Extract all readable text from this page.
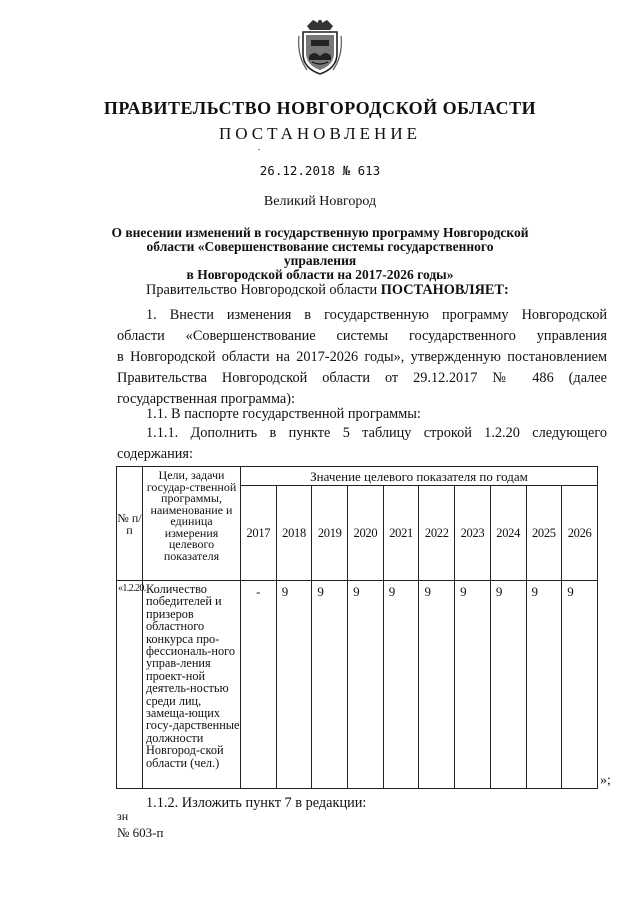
ПРАВИТЕЛЬСТВО НОВГОРОДСКОЙ ОБЛАСТИ
ПОСТАНОВЛЕНИЕ
26.12.2018 № 613
Великий Новгород
О внесении изменений в государственную программу Новгородской
области «Совершенствование системы государственного управления
в Новгородской области на 2017-2026 годы»

Правительство Новгородской области ПОСТАНОВЛЯЕТ:

1. Внести изменения в государственную программу Новгородской
области «Совершенствование системы государственного управления
в Новгородской области на 2017-2026 годы», утвержденную постановлением
Правительства Новгородской области от 29.12.2017 № 486 (далее
государственная программа):
1.1. В паспорте государственной программы:
1.1.1. Дополнить в пункте 5 таблицу строкой 1.2.20 следующего
содержания:
№ п/п	Цели, задачи государ-ственной программы, наименование и единица измерения целевого показателя	Значение целевого показателя по годам									
		2017	2018	2019	2020	2021	2022	2023	2024	2025	2026
«1.2.20.	Количество победителей и призеров областного конкурса про-фессиональ-ного управ-ления проект-ной деятель-ностью среди лиц, замеща-ющих госу-дарственные должности Новгород-ской области (чел.)	-	9	9	9	9	9	9	9	9	9
»;
1.1.2. Изложить пункт 7 в редакции:
зн
№ 603-п
